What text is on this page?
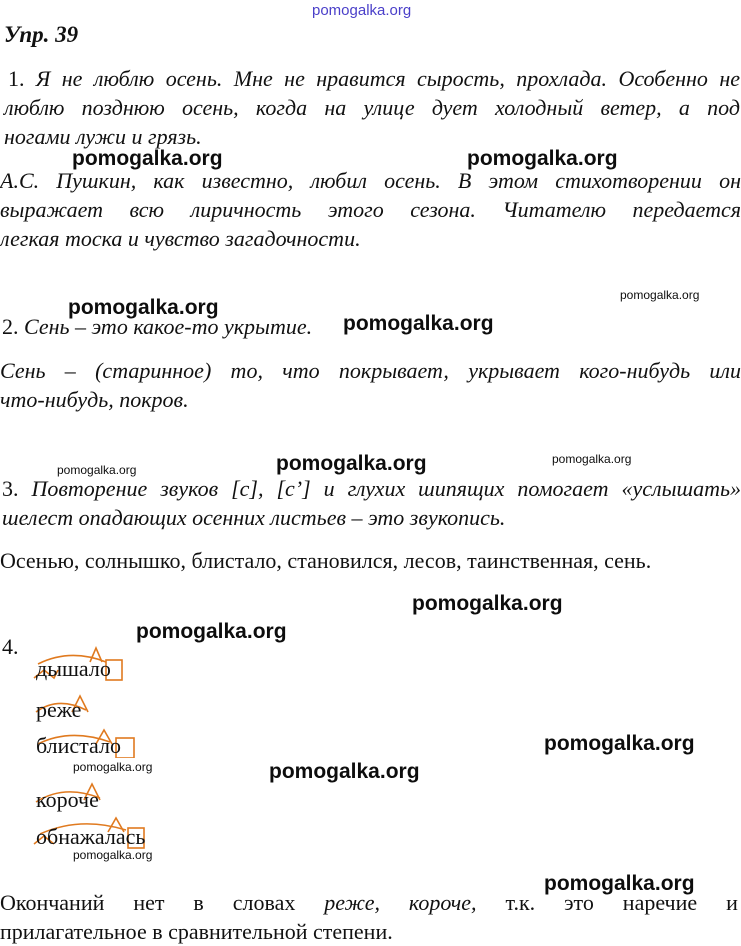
pomogalka.org
Упр. 39
1. Я не люблю осень. Мне не нравится сырость, прохлада. Особенно не
люблю позднюю осень, когда на улице дует холодный ветер, а под
ногами лужи и грязь.
А.С. Пушкин, как известно, любил осень. В этом стихотворении он
выражает всю лиричность этого сезона. Читателю передается
легкая тоска и чувство загадочности.
2. Сень – это какое-то укрытие.
Сень – (старинное) то, что покрывает, укрывает кого-нибудь или
что-нибудь, покров.
3. Повторение звуков [с], [с’] и глухих шипящих помогает «услышать»
шелест опадающих осенних листьев – это звукопись.
Осенью, солнышко, блистало, становился, лесов, таинственная, сень.
4.
дышало
реже
блистало
короче
обнажалась
Окончаний нет в словах реже, короче, т.к. это наречие и
прилагательное в сравнительной степени.
pomogalka.org	pomogalka.org
pomogalka.org
pomogalka.org
pomogalka.org
pomogalka.org
pomogalka.org
pomogalka.org
pomogalka.org
pomogalka.org
pomogalka.org
pomogalka.org	pomogalka.org
pomogalka.org
pomogalka.org
